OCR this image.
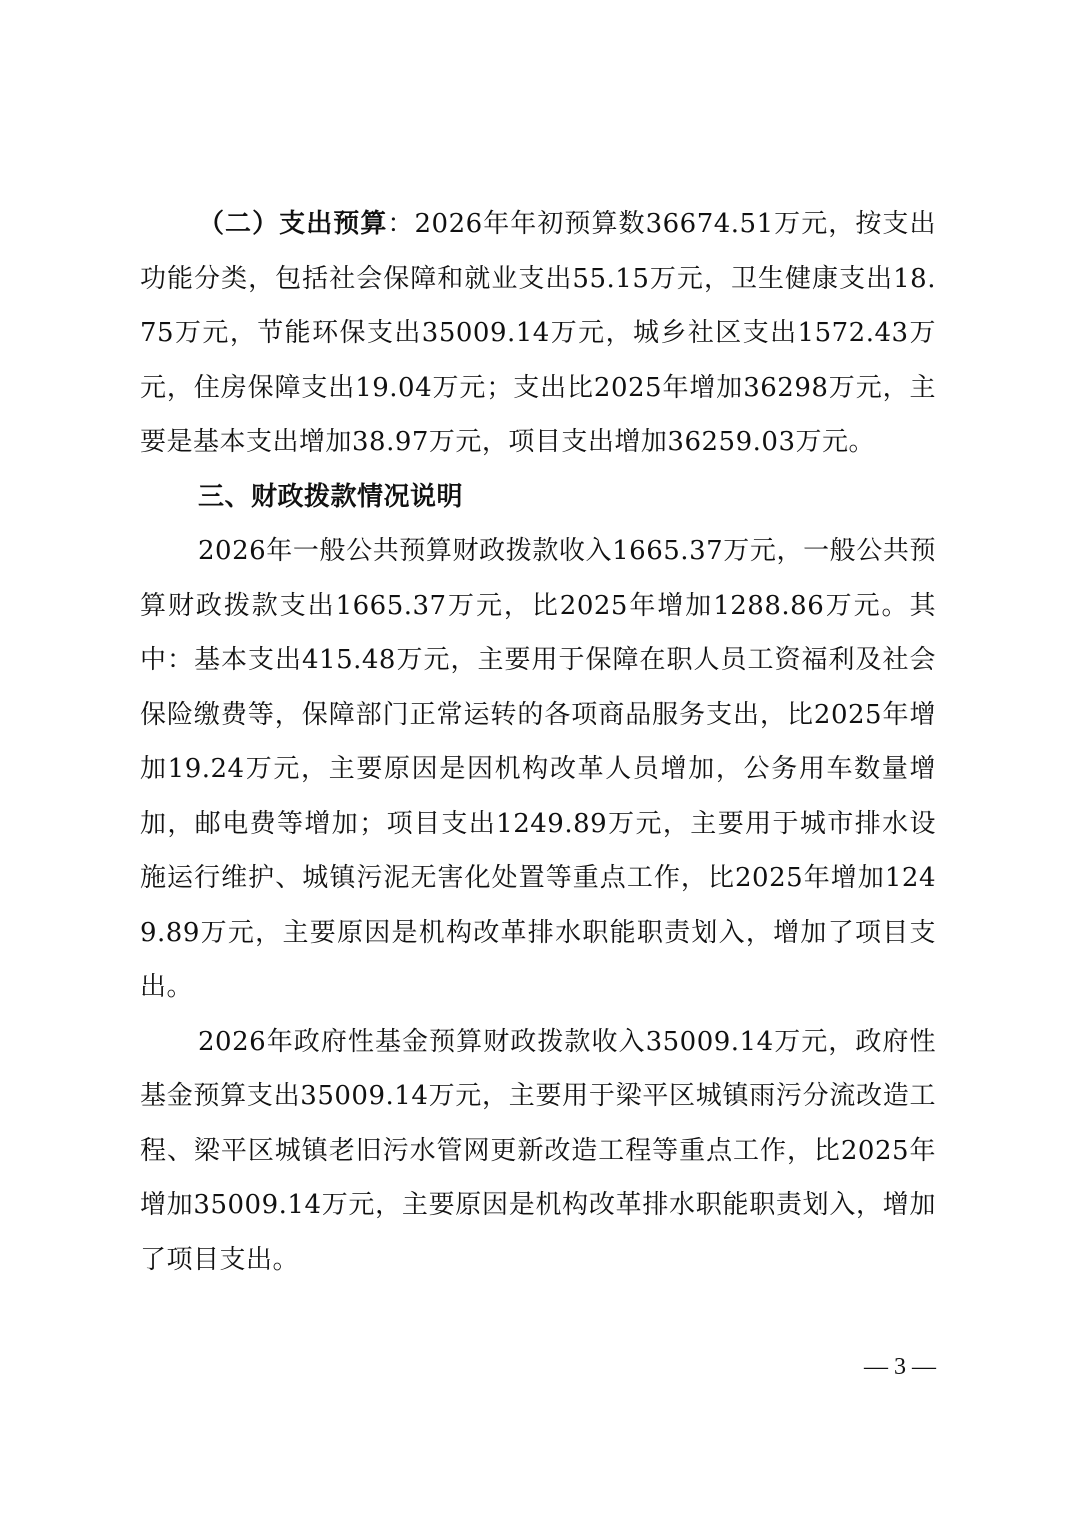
（二）支出预算：2026年年初预算数36674.51万元，按支出功能分类，包括社会保障和就业支出55.15万元，卫生健康支出18.75万元，节能环保支出35009.14万元，城乡社区支出1572.43万元，住房保障支出19.04万元；支出比2025年增加36298万元，主要是基本支出增加38.97万元，项目支出增加36259.03万元。

三、财政拨款情况说明

2026年一般公共预算财政拨款收入1665.37万元，一般公共预算财政拨款支出1665.37万元，比2025年增加1288.86万元。其中：基本支出415.48万元，主要用于保障在职人员工资福利及社会保险缴费等，保障部门正常运转的各项商品服务支出，比2025年增加19.24万元，主要原因是因机构改革人员增加，公务用车数量增加，邮电费等增加；项目支出1249.89万元，主要用于城市排水设施运行维护、城镇污泥无害化处置等重点工作，比2025年增加1249.89万元，主要原因是机构改革排水职能职责划入，增加了项目支出。

2026年政府性基金预算财政拨款收入35009.14万元，政府性基金预算支出35009.14万元，主要用于梁平区城镇雨污分流改造工程、梁平区城镇老旧污水管网更新改造工程等重点工作，比2025年增加35009.14万元，主要原因是机构改革排水职能职责划入，增加了项目支出。

— 3 —
